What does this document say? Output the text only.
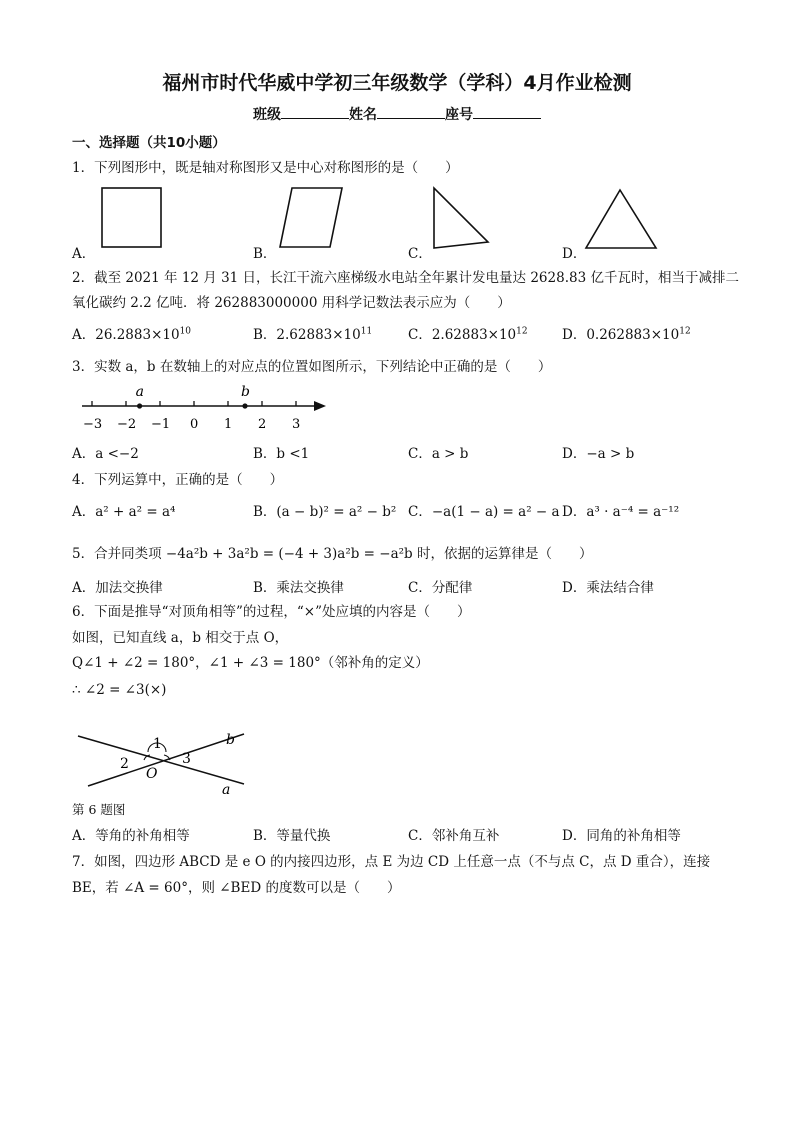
福州市时代华威中学初三年级数学（学科）4月作业检测
班级	姓名	座号
一、选择题（共10小题）
1．下列图形中，既是轴对称图形又是中心对称图形的是（　　）
A．	B．	C．	D．
2．截至 2021 年 12 月 31 日，长江干流六座梯级水电站全年累计发电量达 2628.83 亿千瓦时，相当于减排二
氧化碳约 2.2 亿吨．将 262883000000 用科学记数法表示应为（　　）
A．$26.2883\times 10^{10}$	B．$2.62883\times 10^{11}$	C．$2.62883\times 10^{12}$	D．$0.262883\times 10^{12}$
3．实数 a，b 在数轴上的对应点的位置如图所示，下列结论中正确的是（　　）
−3 −2 −1 0 1 2 3
a	b
A．a <−2	B．b <1	C．a > b	D．−a > b
4．下列运算中，正确的是（　　）
A．a² + a² = a⁴	B．(a − b)² = a² − b² C．−a(1 − a) = a² − a D．a³ · a⁻⁴ = a⁻¹²
5．合并同类项 −4a²b + 3a²b = (−4 + 3)a²b = −a²b 时，依据的运算律是（　　）
A．加法交换律	B．乘法交换律	C．分配律	D．乘法结合律
6．下面是推导“对顶角相等”的过程，“×”处应填的内容是（　　）
如图，已知直线 a，b 相交于点 O，
Q∠1 + ∠2 = 180°，∠1 + ∠3 = 180°（邻补角的定义）
∴ ∠2 = ∠3(×)
1
2	3
O
a
b
第 6 题图
A．等角的补角相等	B．等量代换	C．邻补角互补	D．同角的补角相等
7．如图，四边形 ABCD 是 e O 的内接四边形，点 E 为边 CD 上任意一点（不与点 C，点 D 重合），连接
BE，若 ∠A = 60°，则 ∠BED 的度数可以是（　　）
